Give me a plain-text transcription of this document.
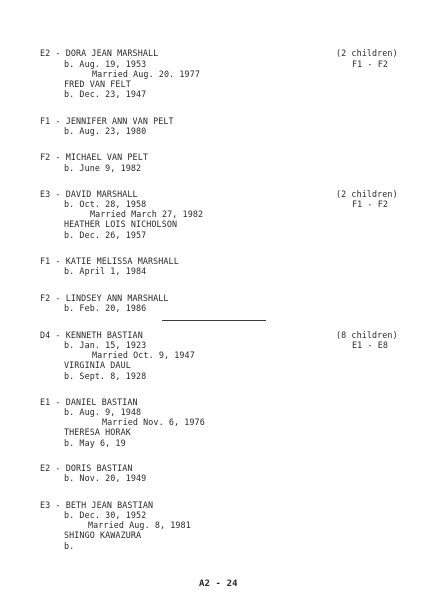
E2 - DORA JEAN MARSHALL
b. Aug. 19, 1953
Married Aug. 20. 1977
FRED VAN FELT
b. Dec. 23, 1947
(2 children)
F1 - F2
F1 - JENNIFER ANN VAN PELT
b. Aug. 23, 1980
F2 - MICHAEL VAN PELT
b. June 9, 1982
E3 - DAVID MARSHALL
b. Oct. 28, 1958
Married March 27, 1982
HEATHER LOIS NICHOLSON
b. Dec. 26, 1957
(2 children)
F1 - F2
F1 - KATIE MELISSA MARSHALL
b. April 1, 1984
F2 - LINDSEY ANN MARSHALL
b. Feb. 20, 1986
D4 - KENNETH BASTIAN
b. Jan. 15, 1923
Married Oct. 9, 1947
VIRGINIA DAUL
b. Sept. 8, 1928
(8 children)
E1 - E8
E1 - DANIEL BASTIAN
b. Aug. 9, 1948
Married Nov. 6, 1976
THERESA HORAK
b. May 6, 19
E2 - DORIS BASTIAN
b. Nov. 20, 1949
E3 - BETH JEAN BASTIAN
b. Dec. 30, 1952
Married Aug. 8, 1981
SHINGO KAWAZURA
b.
A2 - 24
